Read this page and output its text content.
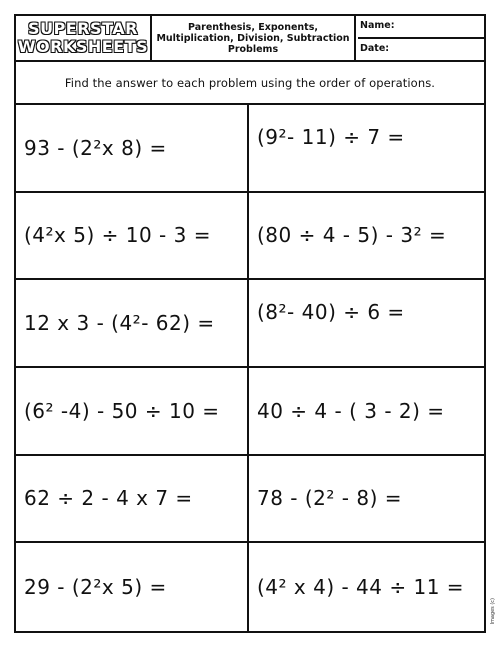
SUPERSTAR
WORKSHEETS
Parenthesis, Exponents, Multiplication, Division, Subtraction Problems
Name:
Date:
Find the answer to each problem using the order of operations.
93 - (2²x 8) =	(9²- 11) ÷ 7 =
(4²x 5) ÷ 10 - 3 =	(80 ÷ 4 - 5) - 3² =
12 x 3 - (4²- 62) =	(8²- 40) ÷ 6 =
(6² -4) - 50 ÷ 10 =	40 ÷ 4 - ( 3 - 2) =
62 ÷ 2 - 4 x 7 =	78 - (2² - 8) =
29 - (2²x 5) =	(4² x 4) - 44 ÷ 11 =
Images (c)
